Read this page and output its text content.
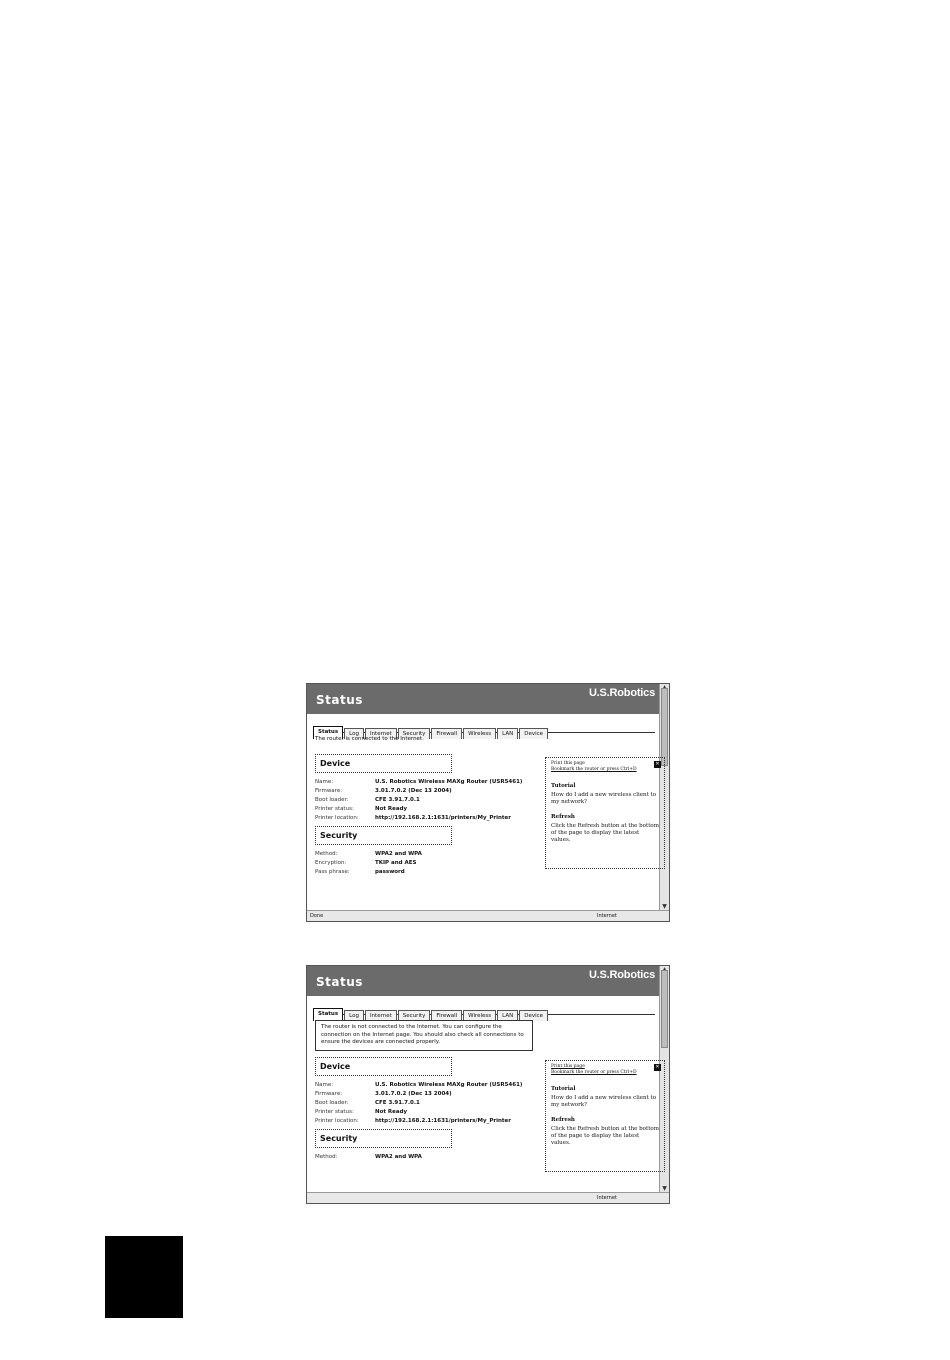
Status	U.S.Robotics
▼
Status Log Internet Security Firewall Wireless LAN Device
The router is connected to the Internet.
Device
Name:	U.S. Robotics Wireless MAXg Router (USR5461)
Firmware:	3.01.7.0.2 (Dec 13 2004)
Boot loader:	CFE 3.91.7.0.1
Printer status:	Not Ready
Printer location:	http://192.168.2.1:1631/printers/My_Printer
Security
Method:	WPA2 and WPA
Encryption:	TKIP and AES
Pass phrase:	password
✕
Print this page
Bookmark the router or press Ctrl+D
Tutorial

How do I add a new wireless client to my network?

Refresh

Click the Refresh button at the bottom of the page to display the latest values.

Done	Internet
Status	U.S.Robotics
▼
Status Log Internet Security Firewall Wireless LAN Device
The router is not connected to the Internet. You can configure the connection on the Internet page. You should also check all connections to ensure the devices are connected properly.
Device
Name:	U.S. Robotics Wireless MAXg Router (USR5461)
Firmware:	3.01.7.0.2 (Dec 13 2004)
Boot loader:	CFE 3.91.7.0.1
Printer status:	Not Ready
Printer location:	http://192.168.2.1:1631/printers/My_Printer
Security
Method:	WPA2 and WPA
✕
Print this page
Bookmark the router or press Ctrl+D
Tutorial

How do I add a new wireless client to my network?

Refresh

Click the Refresh button at the bottom of the page to display the latest values.

Internet
